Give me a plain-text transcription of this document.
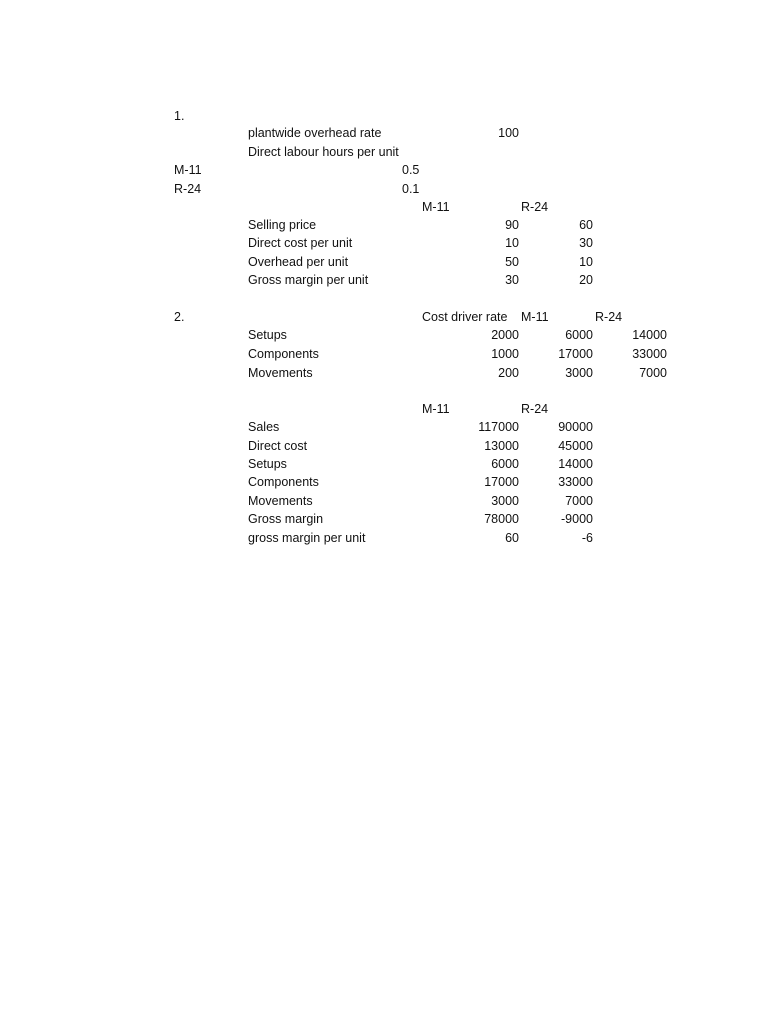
1.
plantwide overhead rate	100
Direct labour hours per unit
M-11	0.5
R-24	0.1
M-11	R-24
Selling price	90	60
Direct cost per unit	10	30
Overhead per unit	50	10
Gross margin per unit	30	20
2.	Cost driver rate M-11	R-24
Setups	2000	6000	14000
Components	1000	17000	33000
Movements	200	3000	7000
M-11	R-24
Sales	117000	90000
Direct cost	13000	45000
Setups	6000	14000
Components	17000	33000
Movements	3000	7000
Gross margin	78000	-9000
gross margin per unit	60	-6
